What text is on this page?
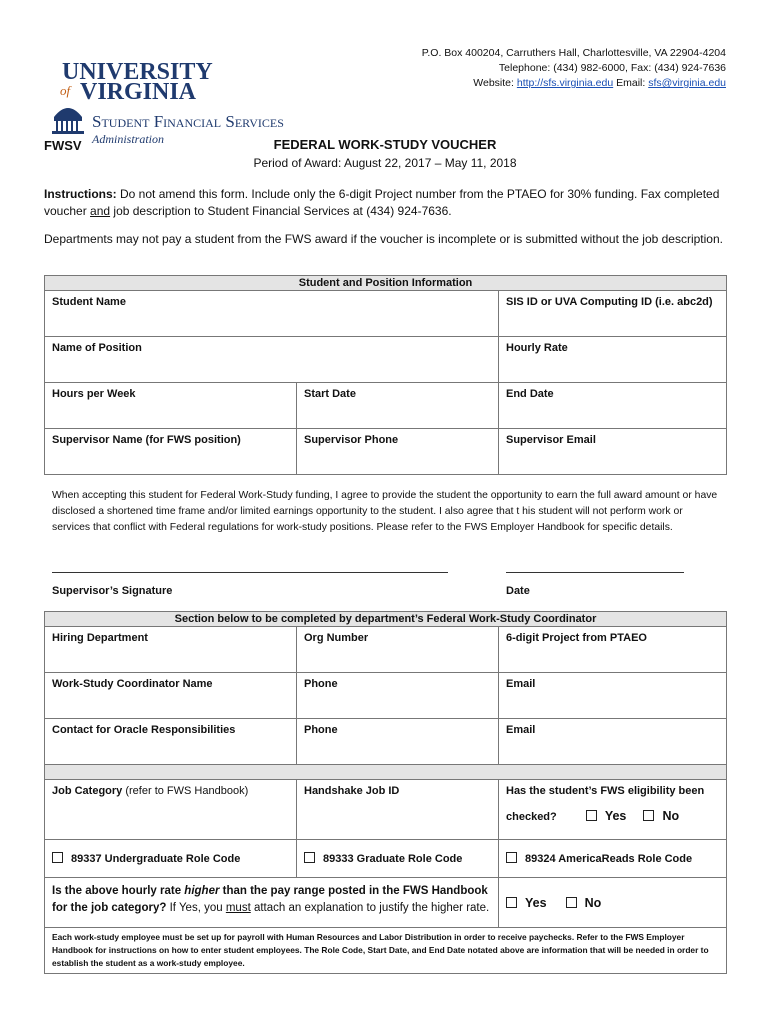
UNIVERSITY
of VIRGINIA
Student Financial Services
Administration
P.O. Box 400204, Carruthers Hall, Charlottesville, VA 22904-4204
Telephone: (434) 982-6000, Fax: (434) 924-7636
Website: http://sfs.virginia.edu Email: sfs@virginia.edu
FWSV	FEDERAL WORK-STUDY VOUCHER
Period of Award: August 22, 2017 – May 11, 2018
Instructions: Do not amend this form. Include only the 6-digit Project number from the PTAEO for 30% funding. Fax completed voucher and job description to Student Financial Services at (434) 924-7636.
Departments may not pay a student from the FWS award if the voucher is incomplete or is submitted without the job description.
Student and Position Information		
Student Name		SIS ID or UVA Computing ID (i.e. abc2d)
Name of Position		Hourly Rate
Hours per Week	Start Date	End Date
Supervisor Name (for FWS position)	Supervisor Phone	Supervisor Email
When accepting this student for Federal Work-Study funding, I agree to provide the student the opportunity to earn the full award amount or have disclosed a shortened time frame and/or limited earnings opportunity to the student. I also agree that t his student will not perform work or services that conflict with Federal regulations for work-study positions. Please refer to the FWS Employer Handbook for specific details.
Supervisor’s Signature	Date
Section below to be completed by department’s Federal Work-Study Coordinator		
Hiring Department	Org Number	6-digit Project from PTAEO
Work-Study Coordinator Name	Phone	Email
Contact for Oracle Responsibilities	Phone	Email

Job Category (refer to FWS Handbook)	Handshake Job ID	Has the student’s FWS eligibility been
checked? Yes No

89337 Undergraduate Role Code	89333 Graduate Role Code	89324 AmericaReads Role Code
Is the above hourly rate higher than the pay range posted in the FWS Handbook for the job category? If Yes, you must attach an explanation to justify the higher rate.		Yes No
Each work-study employee must be set up for payroll with Human Resources and Labor Distribution in order to receive paychecks. Refer to the FWS Employer Handbook for instructions on how to enter student employees. The Role Code, Start Date, and End Date notated above are information that will be needed in order to establish the student as a work-study employee.		
